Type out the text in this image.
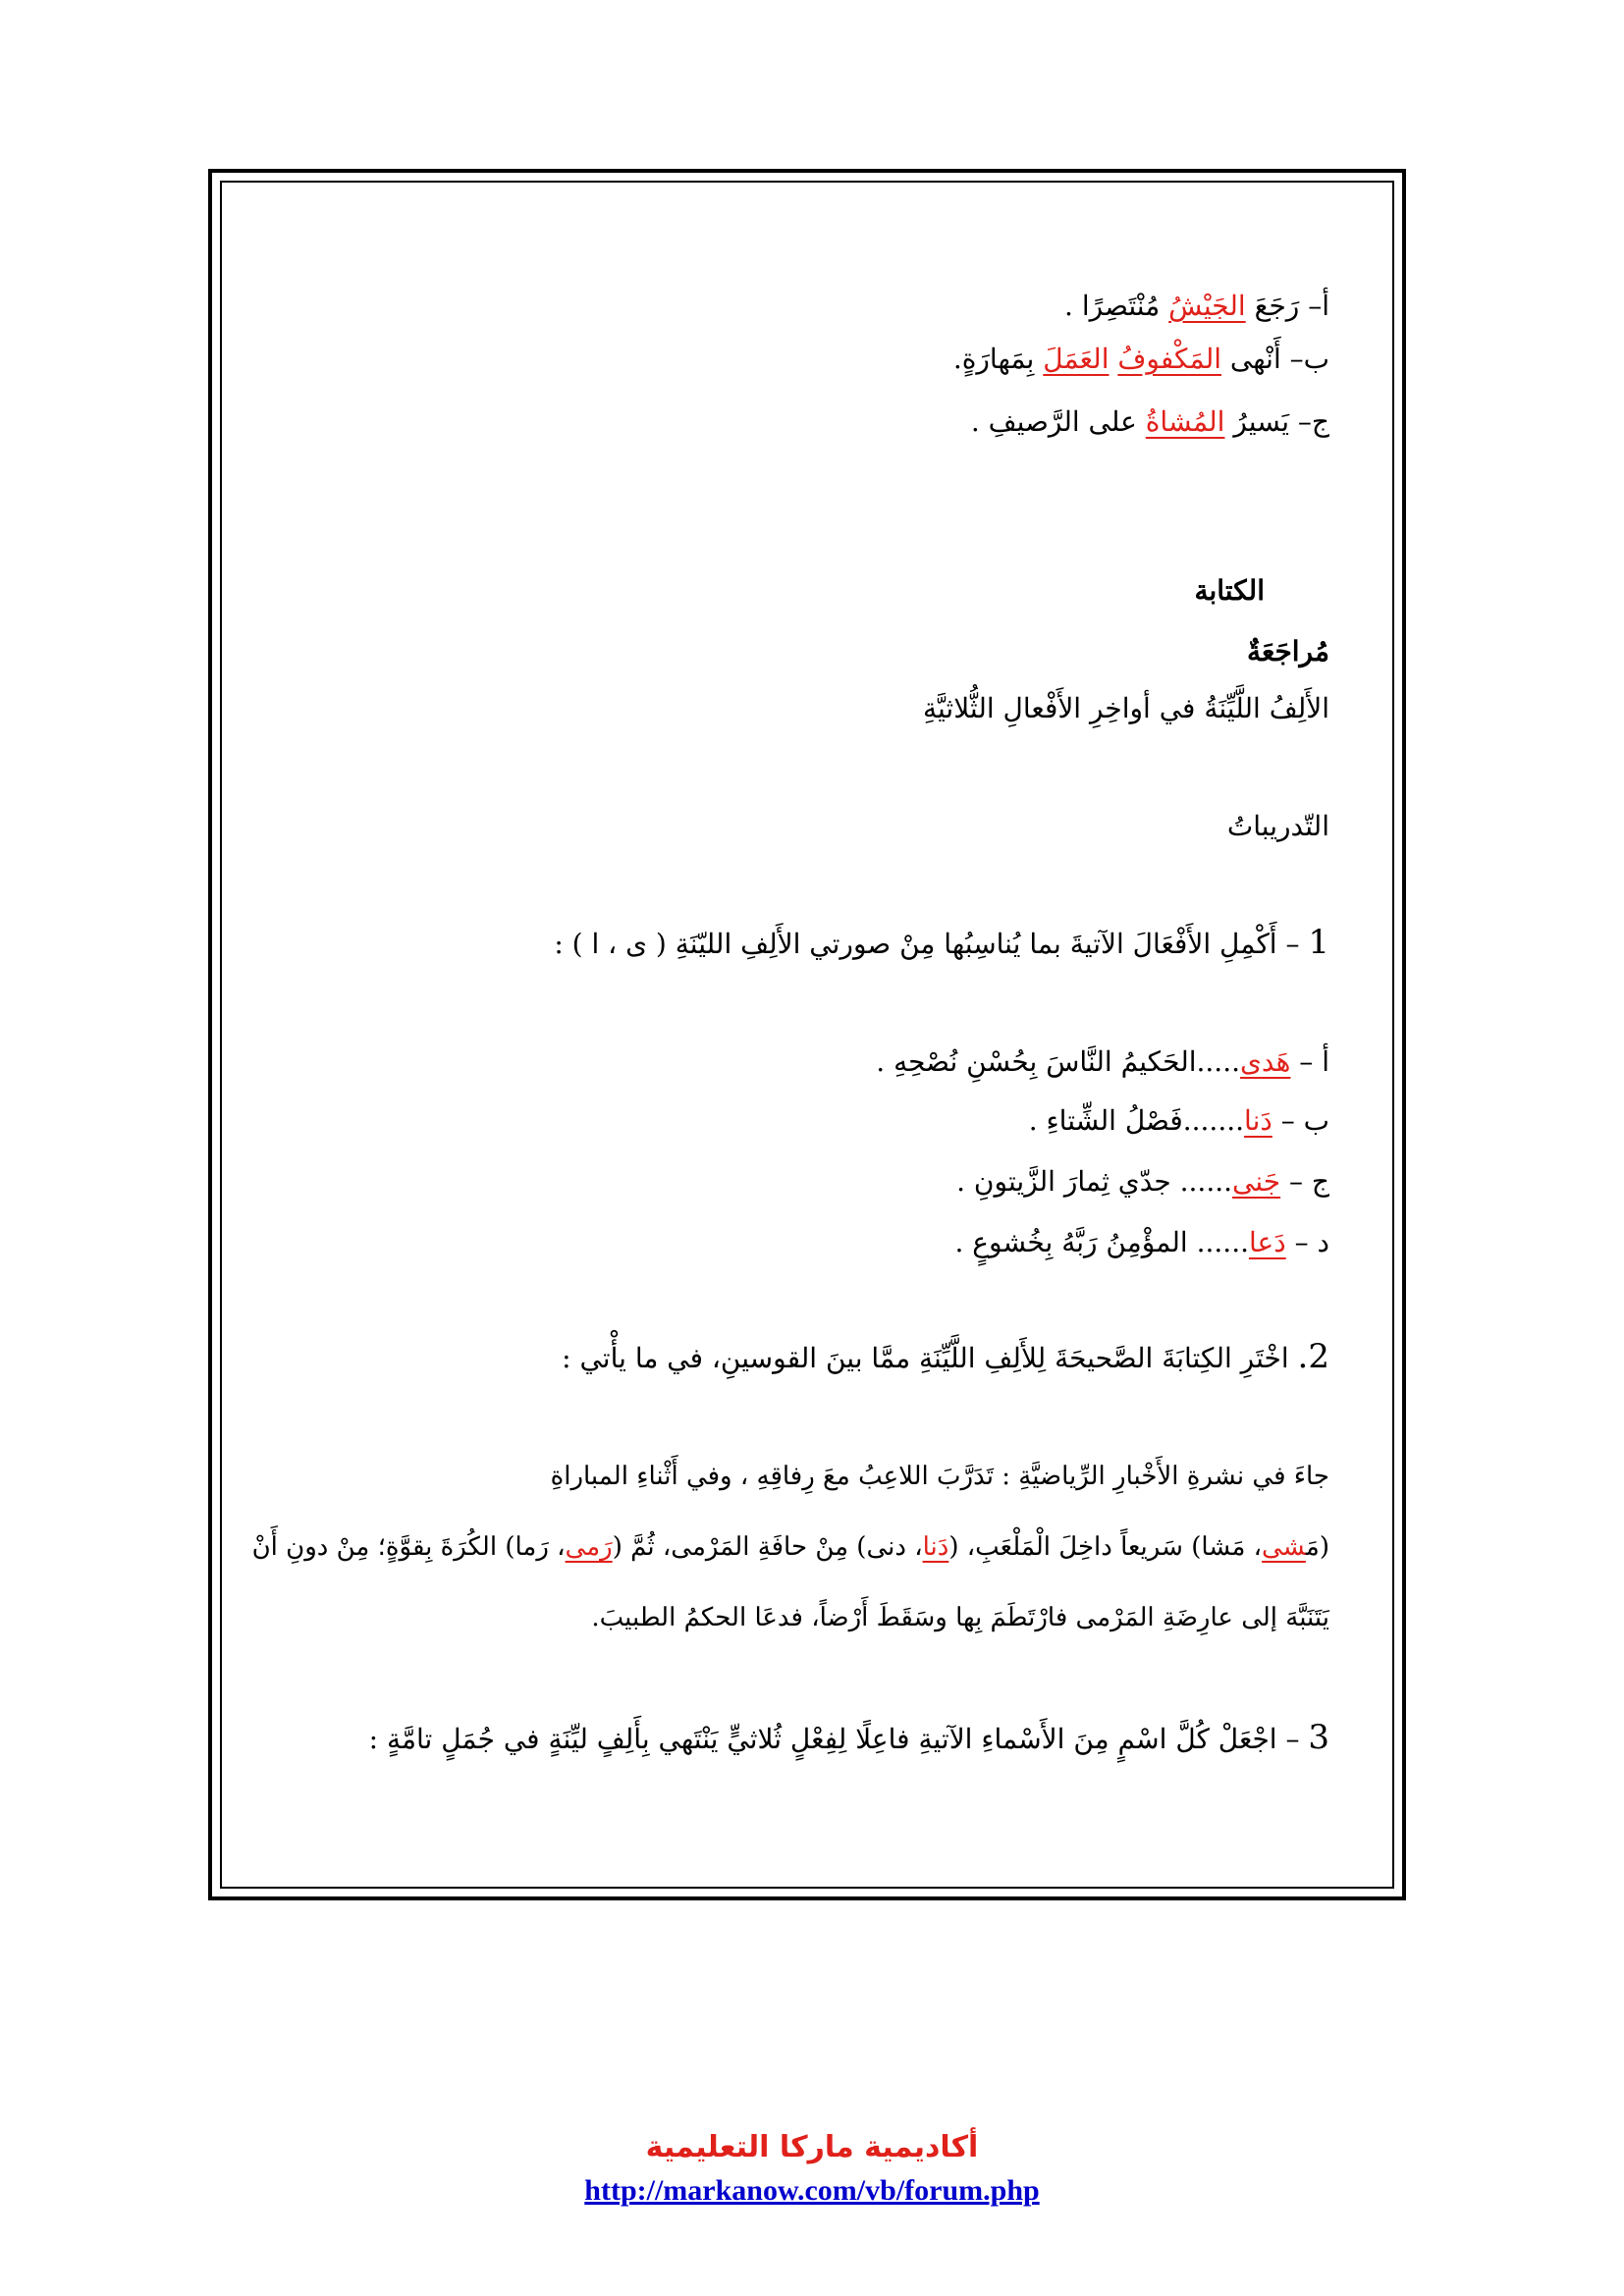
أ– رَجَعَ الجَيْشُ مُنْتَصِرًا .
ب– أَنْهى المَكْفوفُ العَمَلَ بِمَهارَةٍ.
ج– يَسيرُ المُشاةُ على الرَّصيفِ .
الكتابة
مُراجَعَةٌ
الأَلِفُ اللَّيِّنَةُ في أواخِرِ الأَفْعالِ الثُّلاثيَّةِ
التّدريباتُ
1 – أَكْمِلِ الأَفْعَالَ الآتيةَ بما يُناسِبُها مِنْ صورتي الأَلِفِ الليّنَةِ ( ى ، ا ) :
أ – هَدى.....الحَكيمُ النَّاسَ بِحُسْنِ نُصْحِهِ .
ب – دَنا.......فَصْلُ الشِّتاءِ .
ج – جَنى...... جدّي ثِمارَ الزَّيتونِ .
د – دَعا...... المؤْمِنُ رَبَّهُ بِخُشوعٍ .
2. اخْتَرِ الكِتابَةَ الصَّحيحَةَ لِلأَلِفِ اللَّيِّنَةِ ممَّا بينَ القوسينِ، في ما يأْتي :
جاءَ في نشرةِ الأَخْبارِ الرِّياضيَّةِ : تَدَرَّبَ اللاعِبُ معَ رِفاقِهِ ، وفي أَثْناءِ المباراةِ
(مَشى، مَشا) سَريعاً داخِلَ الْمَلْعَبِ، (دَنا، دنى) مِنْ حافَةِ المَرْمى، ثُمَّ (رَمى، رَما) الكُرَةَ بِقوَّةٍ؛ مِنْ دونِ أَنْ
يَتَنَبَّهَ إلى عارِضَةِ المَرْمى فارْتَطَمَ بِها وسَقَطَ أَرْضاً، فدعَا الحكمُ الطبيبَ.
3 – اجْعَلْ كُلَّ اسْمٍ مِنَ الأَسْماءِ الآتيةِ فاعِلًا لِفِعْلٍ ثُلاثيٍّ يَنْتَهي بِأَلِفٍ ليِّنَةٍ في جُمَلٍ تامَّةٍ :
أكاديمية ماركا التعليمية
http://markanow.com/vb/forum.php
